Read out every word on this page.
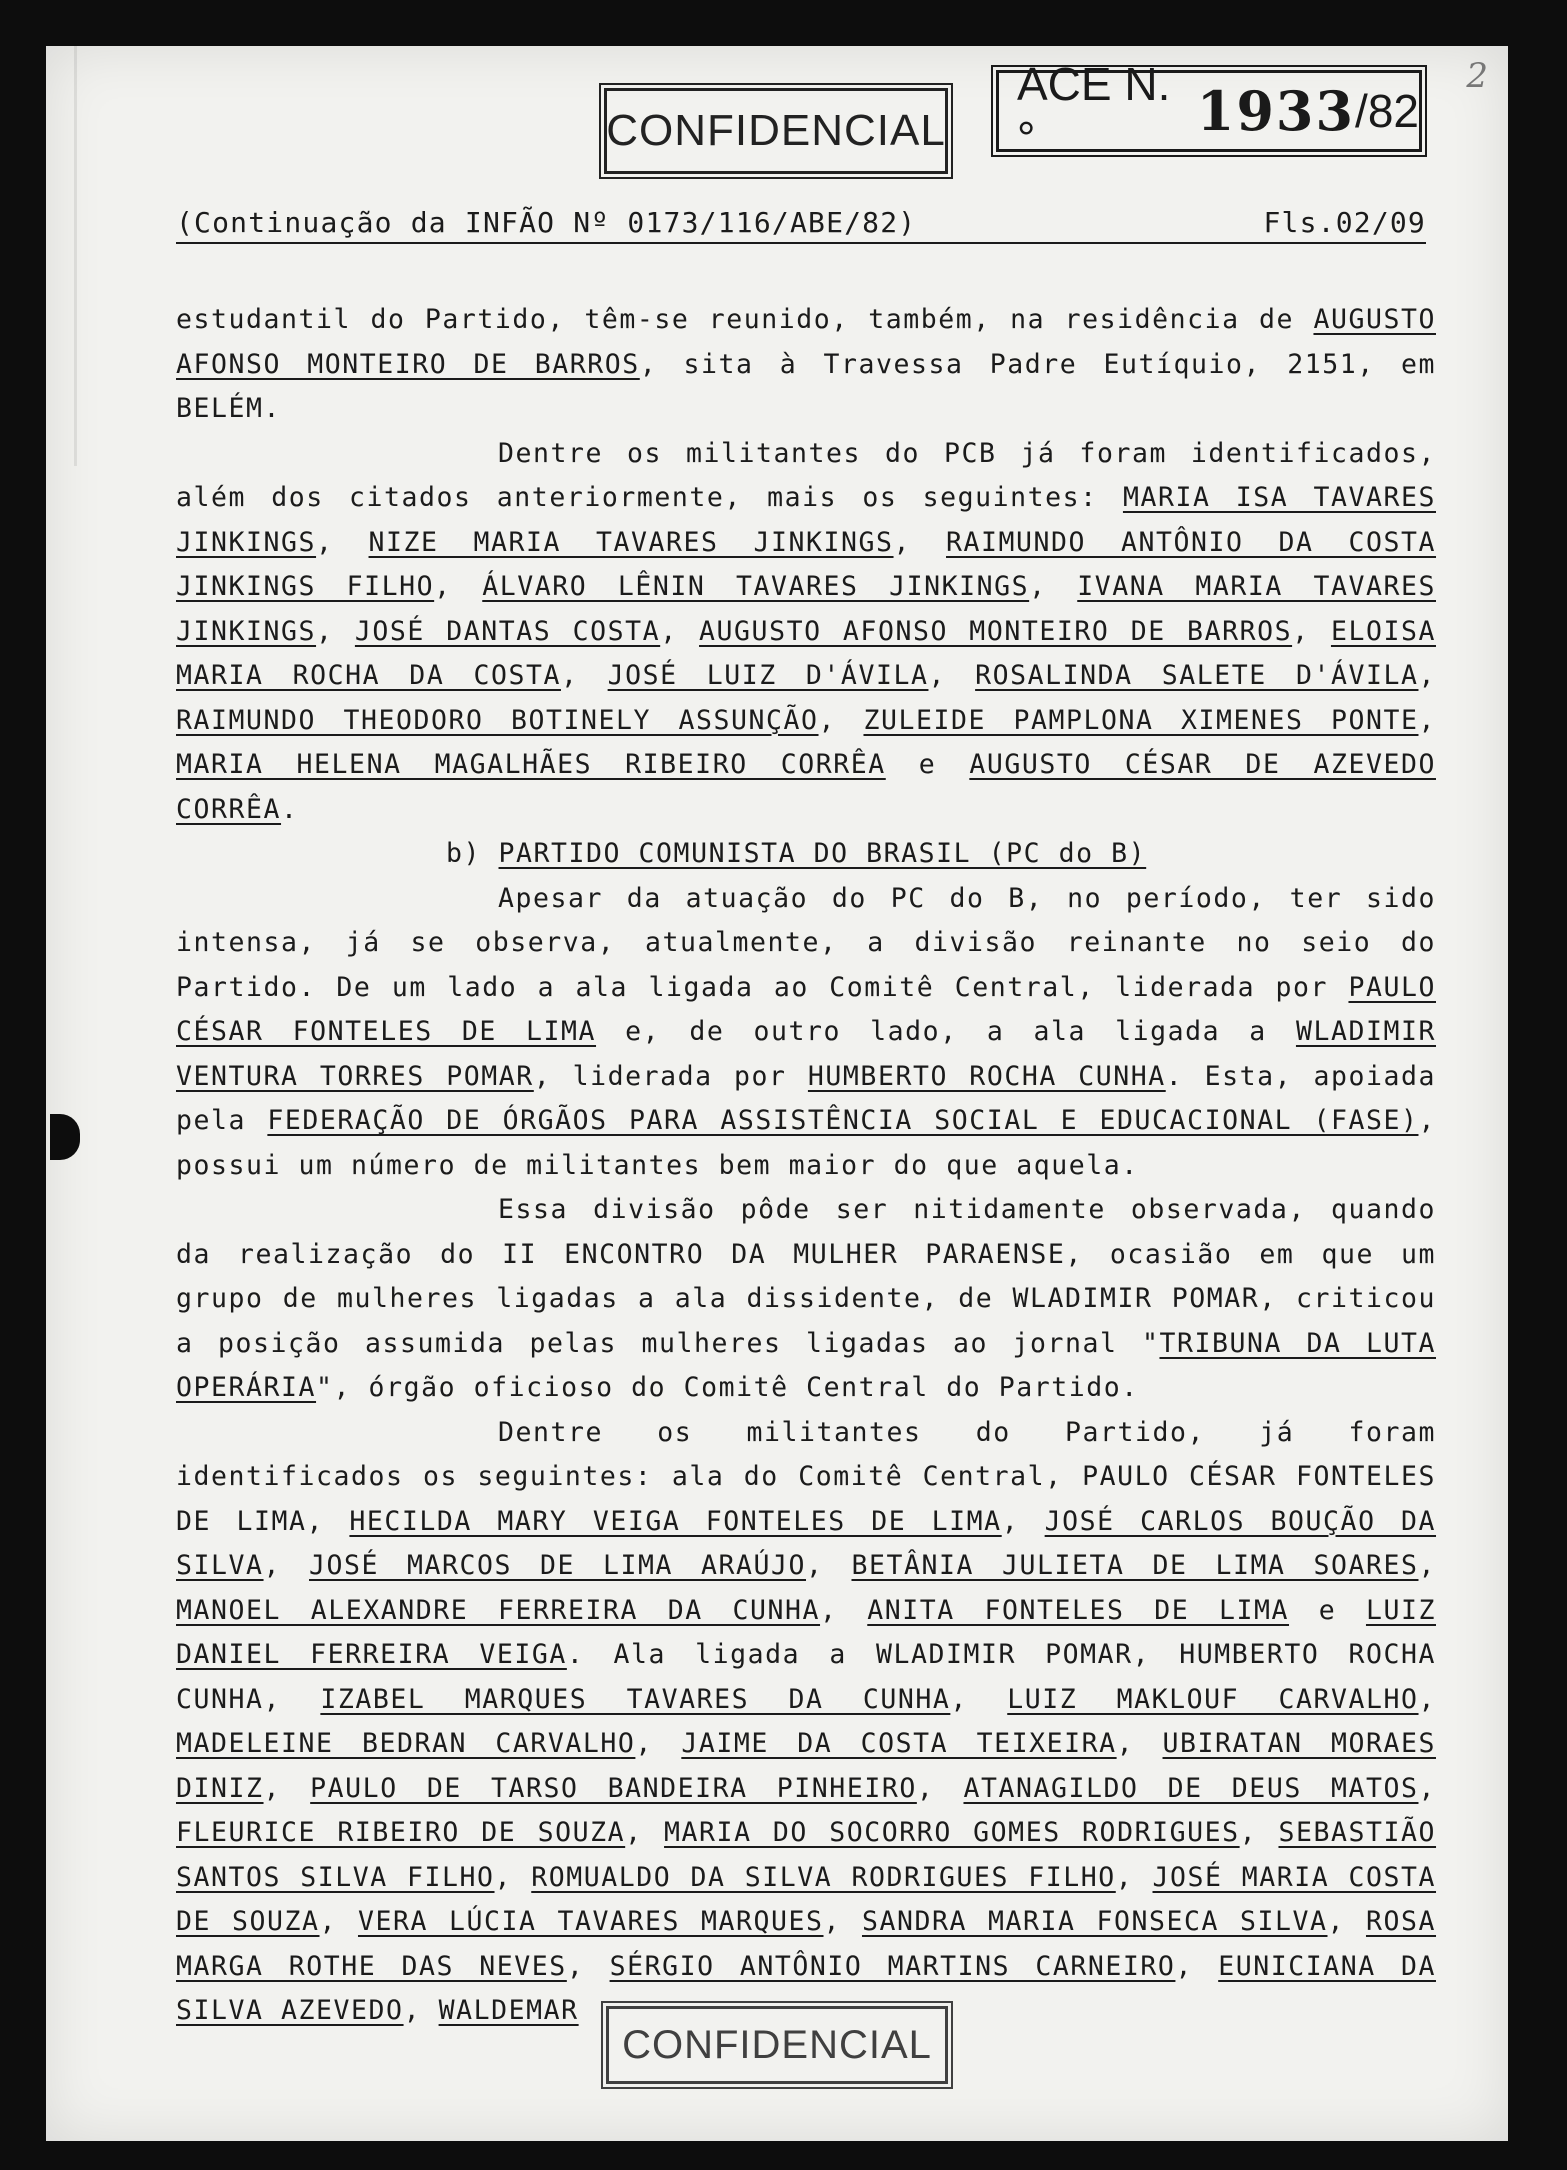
CONFIDENCIAL
ACE N.°	1933 /82
2
(Continuação da INFÃO Nº 0173/116/ABE/82)	Fls.02/09

estudantil do Partido, têm-se reunido, também, na residência de AUGUSTO AFONSO MONTEIRO DE BARROS, sita à Travessa Padre Eutíquio, 2151, em BELÉM.

Dentre os militantes do PCB já foram identificados, além dos citados anteriormente, mais os seguintes: MARIA ISA TAVARES JINKINGS, NIZE MARIA TAVARES JINKINGS, RAIMUNDO ANTÔNIO DA COSTA JINKINGS FILHO, ÁLVARO LÊNIN TAVARES JINKINGS, IVANA MARIA TAVARES JINKINGS, JOSÉ DANTAS COSTA, AUGUSTO AFONSO MONTEIRO DE BARROS, ELOISA MARIA ROCHA DA COSTA, JOSÉ LUIZ D'ÁVILA, ROSALINDA SALETE D'ÁVILA, RAIMUNDO THEODORO BOTINELY ASSUNÇÃO, ZULEIDE PAMPLONA XIMENES PONTE, MARIA HELENA MAGALHÃES RIBEIRO CORRÊA e AUGUSTO CÉSAR DE AZEVEDO CORRÊA.

b) PARTIDO COMUNISTA DO BRASIL (PC do B)

Apesar da atuação do PC do B, no período, ter sido intensa, já se observa, atualmente, a divisão reinante no seio do Partido. De um lado a ala ligada ao Comitê Central, liderada por PAULO CÉSAR FONTELES DE LIMA e, de outro lado, a ala ligada a WLADIMIR VENTURA TORRES POMAR, liderada por HUMBERTO ROCHA CUNHA. Esta, apoiada pela FEDERAÇÃO DE ÓRGÃOS PARA ASSISTÊNCIA SOCIAL E EDUCACIONAL (FASE), possui um número de militantes bem maior do que aquela.

Essa divisão pôde ser nitidamente observada, quando da realização do II ENCONTRO DA MULHER PARAENSE, ocasião em que um grupo de mulheres ligadas a ala dissidente, de WLADIMIR POMAR, criticou a posição assumida pelas mulheres ligadas ao jornal "TRIBUNA DA LUTA OPERÁRIA", órgão oficioso do Comitê Central do Partido.

Dentre os militantes do Partido, já foram identificados os seguintes: ala do Comitê Central, PAULO CÉSAR FONTELES DE LIMA, HECILDA MARY VEIGA FONTELES DE LIMA, JOSÉ CARLOS BOUÇÃO DA SILVA, JOSÉ MARCOS DE LIMA ARAÚJO, BETÂNIA JULIETA DE LIMA SOARES, MANOEL ALEXANDRE FERREIRA DA CUNHA, ANITA FONTELES DE LIMA e LUIZ DANIEL FERREIRA VEIGA. Ala ligada a WLADIMIR POMAR, HUMBERTO ROCHA CUNHA, IZABEL MARQUES TAVARES DA CUNHA, LUIZ MAKLOUF CARVALHO, MADELEINE BEDRAN CARVALHO, JAIME DA COSTA TEIXEIRA, UBIRATAN MORAES DINIZ, PAULO DE TARSO BANDEIRA PINHEIRO, ATANAGILDO DE DEUS MATOS, FLEURICE RIBEIRO DE SOUZA, MARIA DO SOCORRO GOMES RODRIGUES, SEBASTIÃO SANTOS SILVA FILHO, ROMUALDO DA SILVA RODRIGUES FILHO, JOSÉ MARIA COSTA DE SOUZA, VERA LÚCIA TAVARES MARQUES, SANDRA MARIA FONSECA SILVA, ROSA MARGA ROTHE DAS NEVES, SÉRGIO ANTÔNIO MARTINS CARNEIRO, EUNICIANA DA SILVA AZEVEDO, WALDEMAR

CONFIDENCIAL
